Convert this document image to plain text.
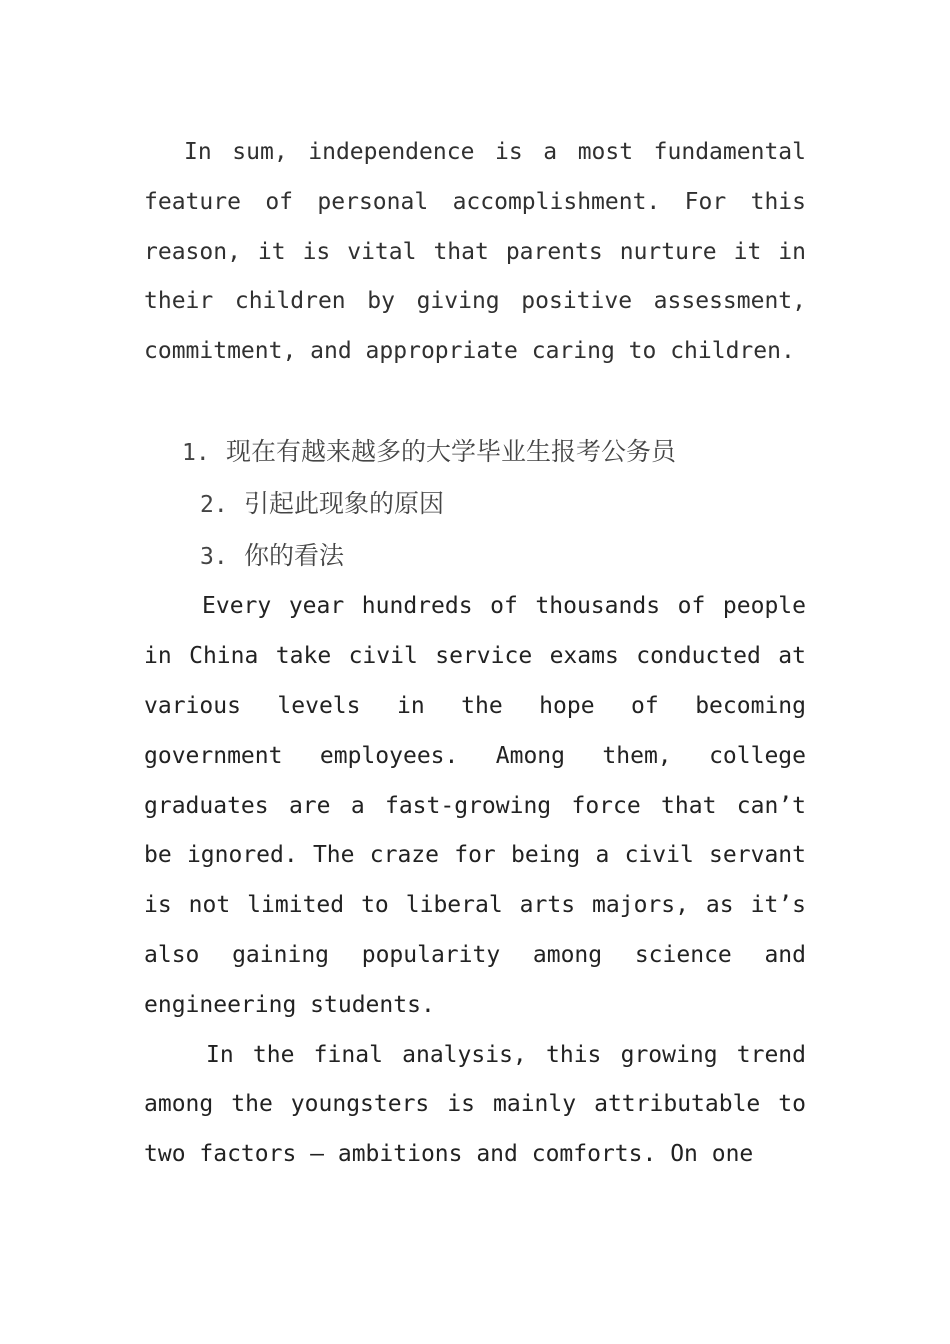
In sum, independence is a most fundamental feature of personal accomplishment. For this reason, it is vital that parents nurture it in their children by giving positive assessment, commitment, and appropriate caring to children.

1. 现在有越来越多的大学毕业生报考公务员
2. 引起此现象的原因
3. 你的看法

Every year hundreds of thousands of people in China take civil service exams conducted at various levels in the hope of becoming government employees. Among them, college graduates are a fast-growing force that can’t be ignored. The craze for being a civil servant is not limited to liberal arts majors, as it’s also gaining popularity among science and engineering students.

In the final analysis, this growing trend among the youngsters is mainly attributable to two factors – ambitions and comforts. On one
